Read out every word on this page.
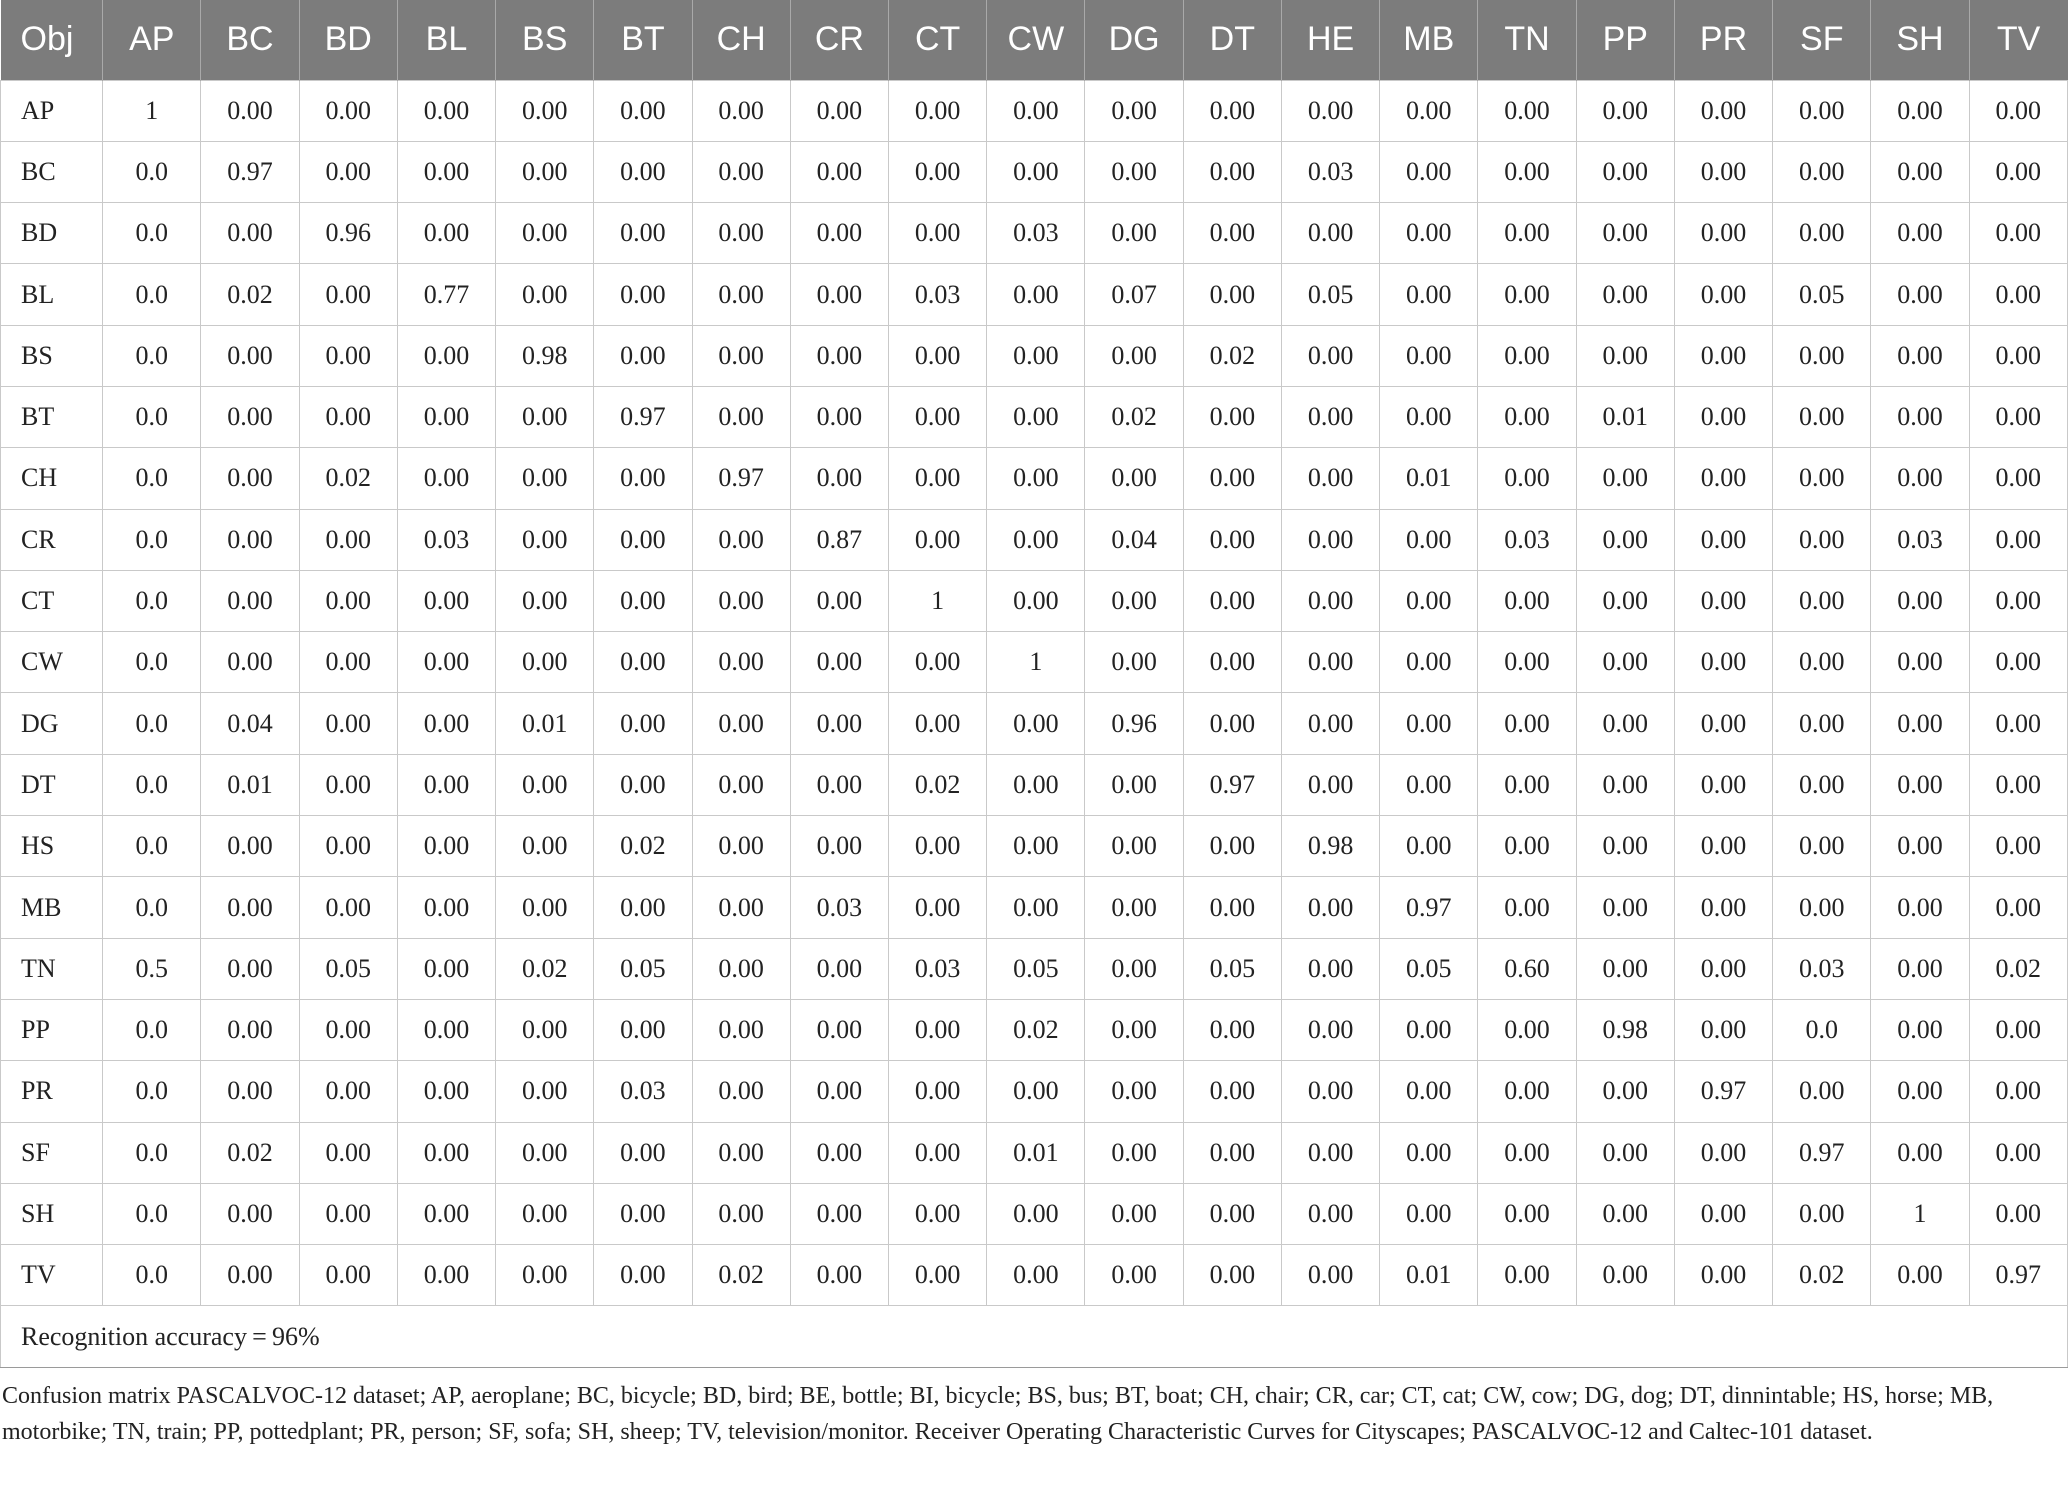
Obj	AP	BC	BD	BL	BS	BT	CH	CR	CT	CW	DG	DT	HE	MB	TN	PP	PR	SF	SH	TV
AP	1	0.00	0.00	0.00	0.00	0.00	0.00	0.00	0.00	0.00	0.00	0.00	0.00	0.00	0.00	0.00	0.00	0.00	0.00	0.00
BC	0.0	0.97	0.00	0.00	0.00	0.00	0.00	0.00	0.00	0.00	0.00	0.00	0.03	0.00	0.00	0.00	0.00	0.00	0.00	0.00
BD	0.0	0.00	0.96	0.00	0.00	0.00	0.00	0.00	0.00	0.03	0.00	0.00	0.00	0.00	0.00	0.00	0.00	0.00	0.00	0.00
BL	0.0	0.02	0.00	0.77	0.00	0.00	0.00	0.00	0.03	0.00	0.07	0.00	0.05	0.00	0.00	0.00	0.00	0.05	0.00	0.00
BS	0.0	0.00	0.00	0.00	0.98	0.00	0.00	0.00	0.00	0.00	0.00	0.02	0.00	0.00	0.00	0.00	0.00	0.00	0.00	0.00
BT	0.0	0.00	0.00	0.00	0.00	0.97	0.00	0.00	0.00	0.00	0.02	0.00	0.00	0.00	0.00	0.01	0.00	0.00	0.00	0.00
CH	0.0	0.00	0.02	0.00	0.00	0.00	0.97	0.00	0.00	0.00	0.00	0.00	0.00	0.01	0.00	0.00	0.00	0.00	0.00	0.00
CR	0.0	0.00	0.00	0.03	0.00	0.00	0.00	0.87	0.00	0.00	0.04	0.00	0.00	0.00	0.03	0.00	0.00	0.00	0.03	0.00
CT	0.0	0.00	0.00	0.00	0.00	0.00	0.00	0.00	1	0.00	0.00	0.00	0.00	0.00	0.00	0.00	0.00	0.00	0.00	0.00
CW	0.0	0.00	0.00	0.00	0.00	0.00	0.00	0.00	0.00	1	0.00	0.00	0.00	0.00	0.00	0.00	0.00	0.00	0.00	0.00
DG	0.0	0.04	0.00	0.00	0.01	0.00	0.00	0.00	0.00	0.00	0.96	0.00	0.00	0.00	0.00	0.00	0.00	0.00	0.00	0.00
DT	0.0	0.01	0.00	0.00	0.00	0.00	0.00	0.00	0.02	0.00	0.00	0.97	0.00	0.00	0.00	0.00	0.00	0.00	0.00	0.00
HS	0.0	0.00	0.00	0.00	0.00	0.02	0.00	0.00	0.00	0.00	0.00	0.00	0.98	0.00	0.00	0.00	0.00	0.00	0.00	0.00
MB	0.0	0.00	0.00	0.00	0.00	0.00	0.00	0.03	0.00	0.00	0.00	0.00	0.00	0.97	0.00	0.00	0.00	0.00	0.00	0.00
TN	0.5	0.00	0.05	0.00	0.02	0.05	0.00	0.00	0.03	0.05	0.00	0.05	0.00	0.05	0.60	0.00	0.00	0.03	0.00	0.02
PP	0.0	0.00	0.00	0.00	0.00	0.00	0.00	0.00	0.00	0.02	0.00	0.00	0.00	0.00	0.00	0.98	0.00	0.0	0.00	0.00
PR	0.0	0.00	0.00	0.00	0.00	0.03	0.00	0.00	0.00	0.00	0.00	0.00	0.00	0.00	0.00	0.00	0.97	0.00	0.00	0.00
SF	0.0	0.02	0.00	0.00	0.00	0.00	0.00	0.00	0.00	0.01	0.00	0.00	0.00	0.00	0.00	0.00	0.00	0.97	0.00	0.00
SH	0.0	0.00	0.00	0.00	0.00	0.00	0.00	0.00	0.00	0.00	0.00	0.00	0.00	0.00	0.00	0.00	0.00	0.00	1	0.00
TV	0.0	0.00	0.00	0.00	0.00	0.00	0.02	0.00	0.00	0.00	0.00	0.00	0.00	0.01	0.00	0.00	0.00	0.02	0.00	0.97
Recognition accuracy = 96%																				
Confusion matrix PASCALVOC-12 dataset; AP, aeroplane; BC, bicycle; BD, bird; BE, bottle; BI, bicycle; BS, bus; BT, boat; CH, chair; CR, car; CT, cat; CW, cow; DG, dog; DT, dinnintable; HS, horse; MB, motorbike; TN, train; PP, pottedplant; PR, person; SF, sofa; SH, sheep; TV, television/monitor. Receiver Operating Characteristic Curves for Cityscapes; PASCALVOC-12 and Caltec-101 dataset.
